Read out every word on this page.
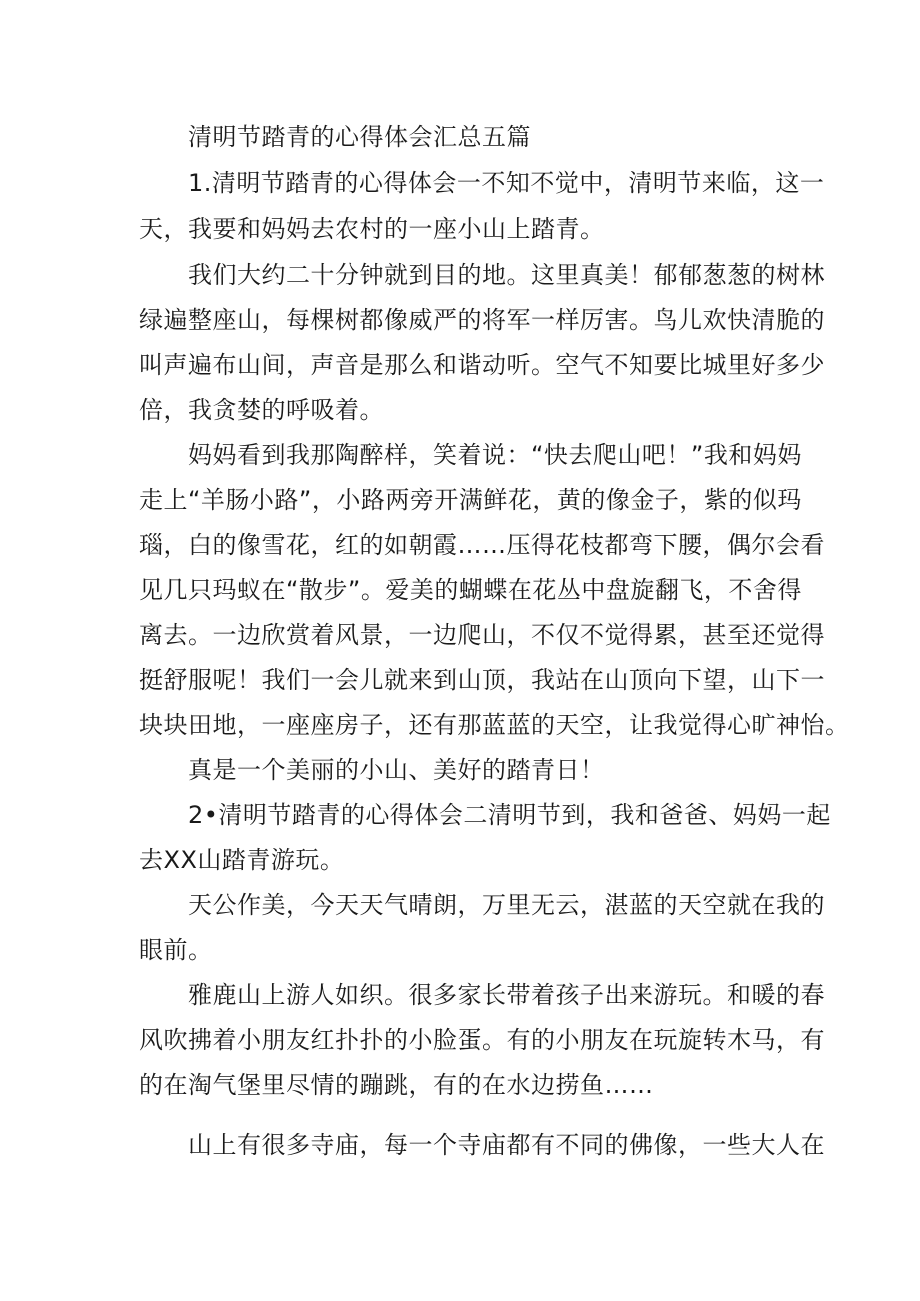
清明节踏青的心得体会汇总五篇
1.清明节踏青的心得体会一不知不觉中，清明节来临，这一
天，我要和妈妈去农村的一座小山上踏青。
我们大约二十分钟就到目的地。这里真美！郁郁葱葱的树林
绿遍整座山，每棵树都像威严的将军一样厉害。鸟儿欢快清脆的
叫声遍布山间，声音是那么和谐动听。空气不知要比城里好多少
倍，我贪婪的呼吸着。
妈妈看到我那陶醉样，笑着说：“快去爬山吧！”我和妈妈
走上“羊肠小路”，小路两旁开满鲜花，黄的像金子，紫的似玛
瑙，白的像雪花，红的如朝霞……压得花枝都弯下腰，偶尔会看
见几只玛蚁在“散步”。爱美的蝴蝶在花丛中盘旋翻飞，不舍得
离去。一边欣赏着风景，一边爬山，不仅不觉得累，甚至还觉得
挺舒服呢！我们一会儿就来到山顶，我站在山顶向下望，山下一
块块田地，一座座房子，还有那蓝蓝的天空，让我觉得心旷神怡。
真是一个美丽的小山、美好的踏青日！
2•清明节踏青的心得体会二清明节到，我和爸爸、妈妈一起
去XX山踏青游玩。
天公作美，今天天气晴朗，万里无云，湛蓝的天空就在我的
眼前。
雅鹿山上游人如织。很多家长带着孩子出来游玩。和暖的春
风吹拂着小朋友红扑扑的小脸蛋。有的小朋友在玩旋转木马，有
的在淘气堡里尽情的蹦跳，有的在水边捞鱼……
山上有很多寺庙，每一个寺庙都有不同的佛像，一些大人在
